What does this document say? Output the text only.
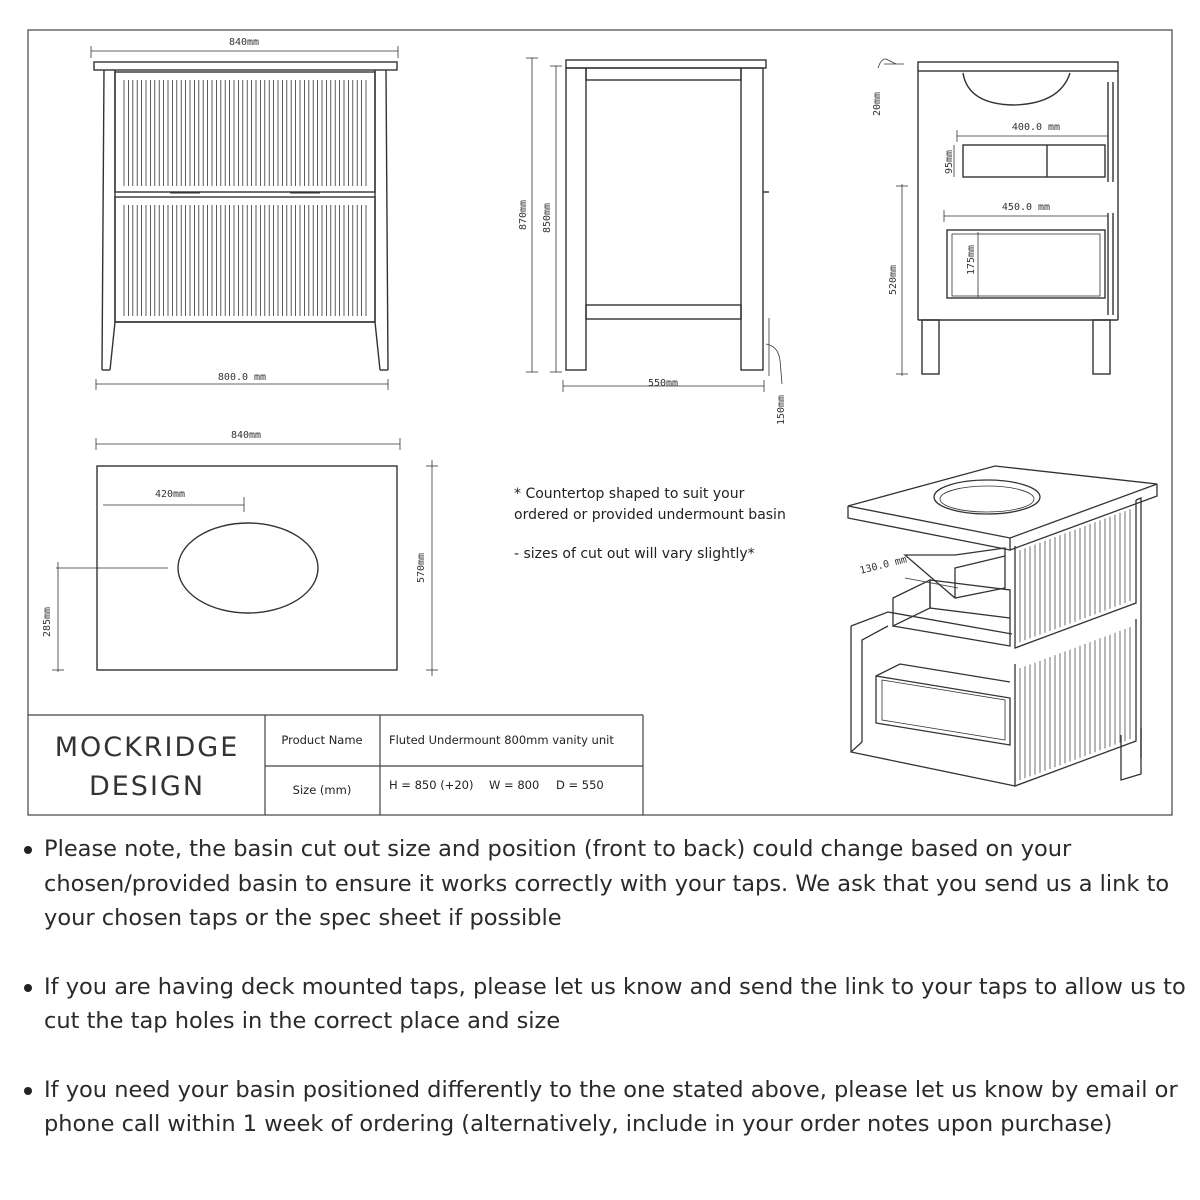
840mm
800.0 mm
870mm 850mm
550mm
150mm
20mm
400.0 mm
95mm
450.0 mm
175mm
520mm
840mm
420mm
285mm
570mm
* Countertop shaped to suit your
ordered or provided undermount basin
- sizes of cut out will vary slightly*
130.0 mm
MOCKRIDGE
DESIGN
Product Name Fluted Undermount 800mm vanity unit
Size (mm)	H = 850 (+20) W = 800 D = 550
Please note, the basin cut out size and position (front to back) could change based on your chosen/provided basin to ensure it works correctly with your taps. We ask that you send us a link to your chosen taps or the spec sheet if possible
If you are having deck mounted taps, please let us know and send the link to your taps to allow us to cut the tap holes in the correct place and size
If you need your basin positioned differently to the one stated above, please let us know by email or phone call within 1 week of ordering (alternatively, include in your order notes upon purchase)
